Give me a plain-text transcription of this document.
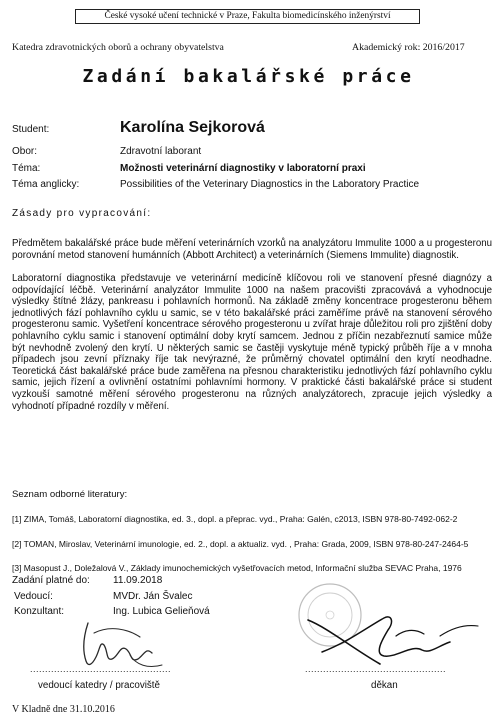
České vysoké učení technické v Praze, Fakulta biomedicínského inženýrství
Katedra zdravotnických oborů a ochrany obyvatelstva	Akademický rok: 2016/2017
Zadání bakalářské práce
Student:	Karolína Sejkorová
Obor:	Zdravotní laborant
Téma:	Možnosti veterinární diagnostiky v laboratorní praxi
Téma anglicky:	Possibilities of the Veterinary Diagnostics in the Laboratory Practice
Zásady pro vypracování:
Předmětem bakalářské práce bude měření veterinárních vzorků na analyzátoru Immulite 1000 a u progesteronu porovnání metod stanovení humánních (Abbott Architect) a veterinárních (Siemens Immulite) diagnostik.
Laboratorní diagnostika představuje ve veterinární medicíně klíčovou roli ve stanovení přesné diagnózy a odpovídající léčbě. Veterinární analyzátor Immulite 1000 na našem pracovišti zpracovává a vyhodnocuje výsledky štítné žlázy, pankreasu i pohlavních hormonů. Na základě změny koncentrace progesteronu během jednotlivých fází pohlavního cyklu u samic, se v této bakalářské práci zaměříme právě na stanovení sérového progesteronu samic. Vyšetření koncentrace sérového progesteronu u zvířat hraje důležitou roli pro zjištění doby pohlavního cyklu samic i stanovení optimální doby krytí samcem. Jednou z příčin nezabřeznutí samice může být nevhodně zvolený den krytí. U některých samic se častěji vyskytuje méně typický průběh říje a v mnoha případech jsou zevní příznaky říje tak nevýrazné, že průměrný chovatel optimální den krytí neodhadne. Teoretická část bakalářské práce bude zaměřena na přesnou charakteristiku jednotlivých fází pohlavního cyklu samic, jejich řízení a ovlivnění ostatními pohlavními hormony. V praktické části bakalářské práce si student vyzkouší samotné měření sérového progesteronu na různých analyzátorech, zpracuje jejich výsledky a vyhodnotí případné rozdíly v měření.
Seznam odborné literatury:
[1] ZIMA, Tomáš, Laboratorní diagnostika, ed. 3., dopl. a přeprac. vyd., Praha: Galén, c2013, ISBN 978-80-7492-062-2
[2] TOMAN, Miroslav, Veterinární imunologie, ed. 2., dopl. a aktualiz. vyd. , Praha: Grada, 2009, ISBN 978-80-247-2464-5
[3] Masopust J., Doležalová V., Základy imunochemických vyšetřovacích metod, Informační služba SEVAC Praha, 1976
Zadání platné do: 11.09.2018
Vedoucí:	MVDr. Ján Švalec
Konzultant:	Ing. Lubica Gelieňová
...............................................	...............................................
vedoucí katedry / pracoviště	děkan
V Kladně dne 31.10.2016
